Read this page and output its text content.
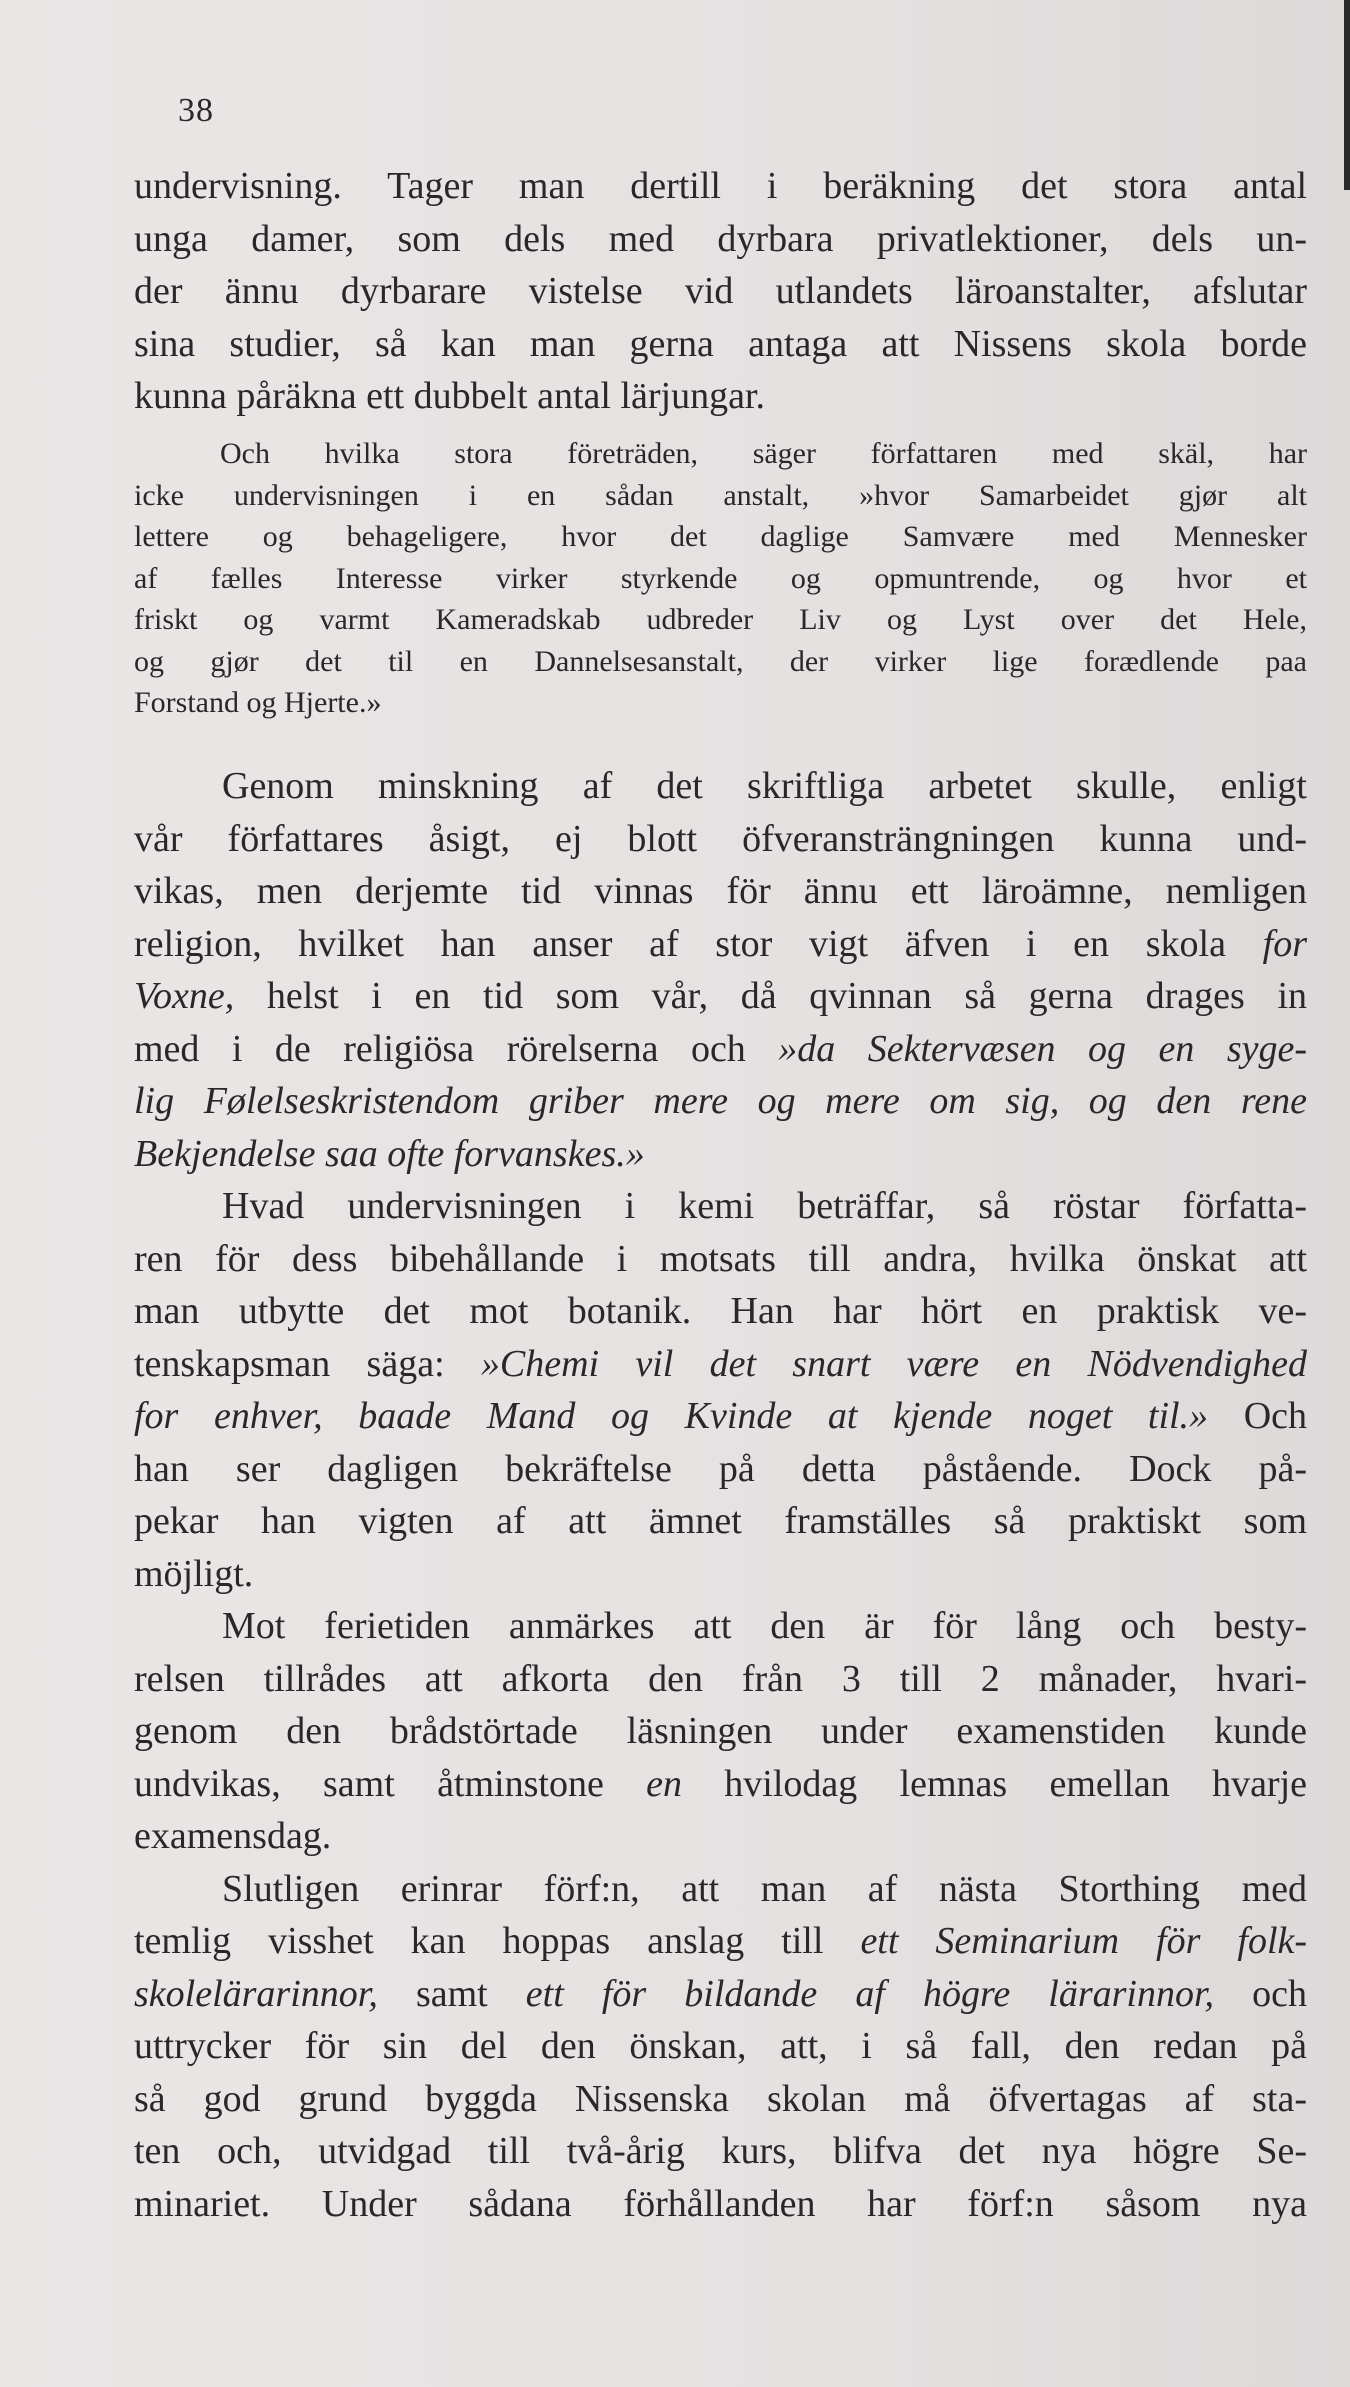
38
undervisning. Tager man dertill i beräkning det stora antal
unga damer, som dels med dyrbara privatlektioner, dels un-
der ännu dyrbarare vistelse vid utlandets läroanstalter, afslutar
sina studier, så kan man gerna antaga att Nissens skola borde
kunna påräkna ett dubbelt antal lärjungar.
Och hvilka stora företräden, säger författaren med skäl, har
icke undervisningen i en sådan anstalt, »hvor Samarbeidet gjør alt
lettere og behageligere, hvor det daglige Samvære med Mennesker
af fælles Interesse virker styrkende og opmuntrende, og hvor et
friskt og varmt Kameradskab udbreder Liv og Lyst over det Hele,
og gjør det til en Dannelsesanstalt, der virker lige forædlende paa
Forstand og Hjerte.»
Genom minskning af det skriftliga arbetet skulle, enligt
vår författares åsigt, ej blott öfveransträngningen kunna und-
vikas, men derjemte tid vinnas för ännu ett läroämne, nemligen
religion, hvilket han anser af stor vigt äfven i en skola for
Voxne, helst i en tid som vår, då qvinnan så gerna drages in
med i de religiösa rörelserna och »da Sektervæsen og en syge-
lig Følelseskristendom griber mere og mere om sig, og den rene
Bekjendelse saa ofte forvanskes.»
Hvad undervisningen i kemi beträffar, så röstar författa-
ren för dess bibehållande i motsats till andra, hvilka önskat att
man utbytte det mot botanik. Han har hört en praktisk ve-
tenskapsman säga: »Chemi vil det snart være en Nödvendighed
for enhver, baade Mand og Kvinde at kjende noget til.» Och
han ser dagligen bekräftelse på detta påstående. Dock på-
pekar han vigten af att ämnet framställes så praktiskt som
möjligt.
Mot ferietiden anmärkes att den är för lång och besty-
relsen tillrådes att afkorta den från 3 till 2 månader, hvari-
genom den brådstörtade läsningen under examenstiden kunde
undvikas, samt åtminstone en hvilodag lemnas emellan hvarje
examensdag.
Slutligen erinrar förf:n, att man af nästa Storthing med
temlig visshet kan hoppas anslag till ett Seminarium för folk-
skolelärarinnor, samt ett för bildande af högre lärarinnor, och
uttrycker för sin del den önskan, att, i så fall, den redan på
så god grund byggda Nissenska skolan må öfvertagas af sta-
ten och, utvidgad till två-årig kurs, blifva det nya högre Se-
minariet. Under sådana förhållanden har förf:n såsom nya
